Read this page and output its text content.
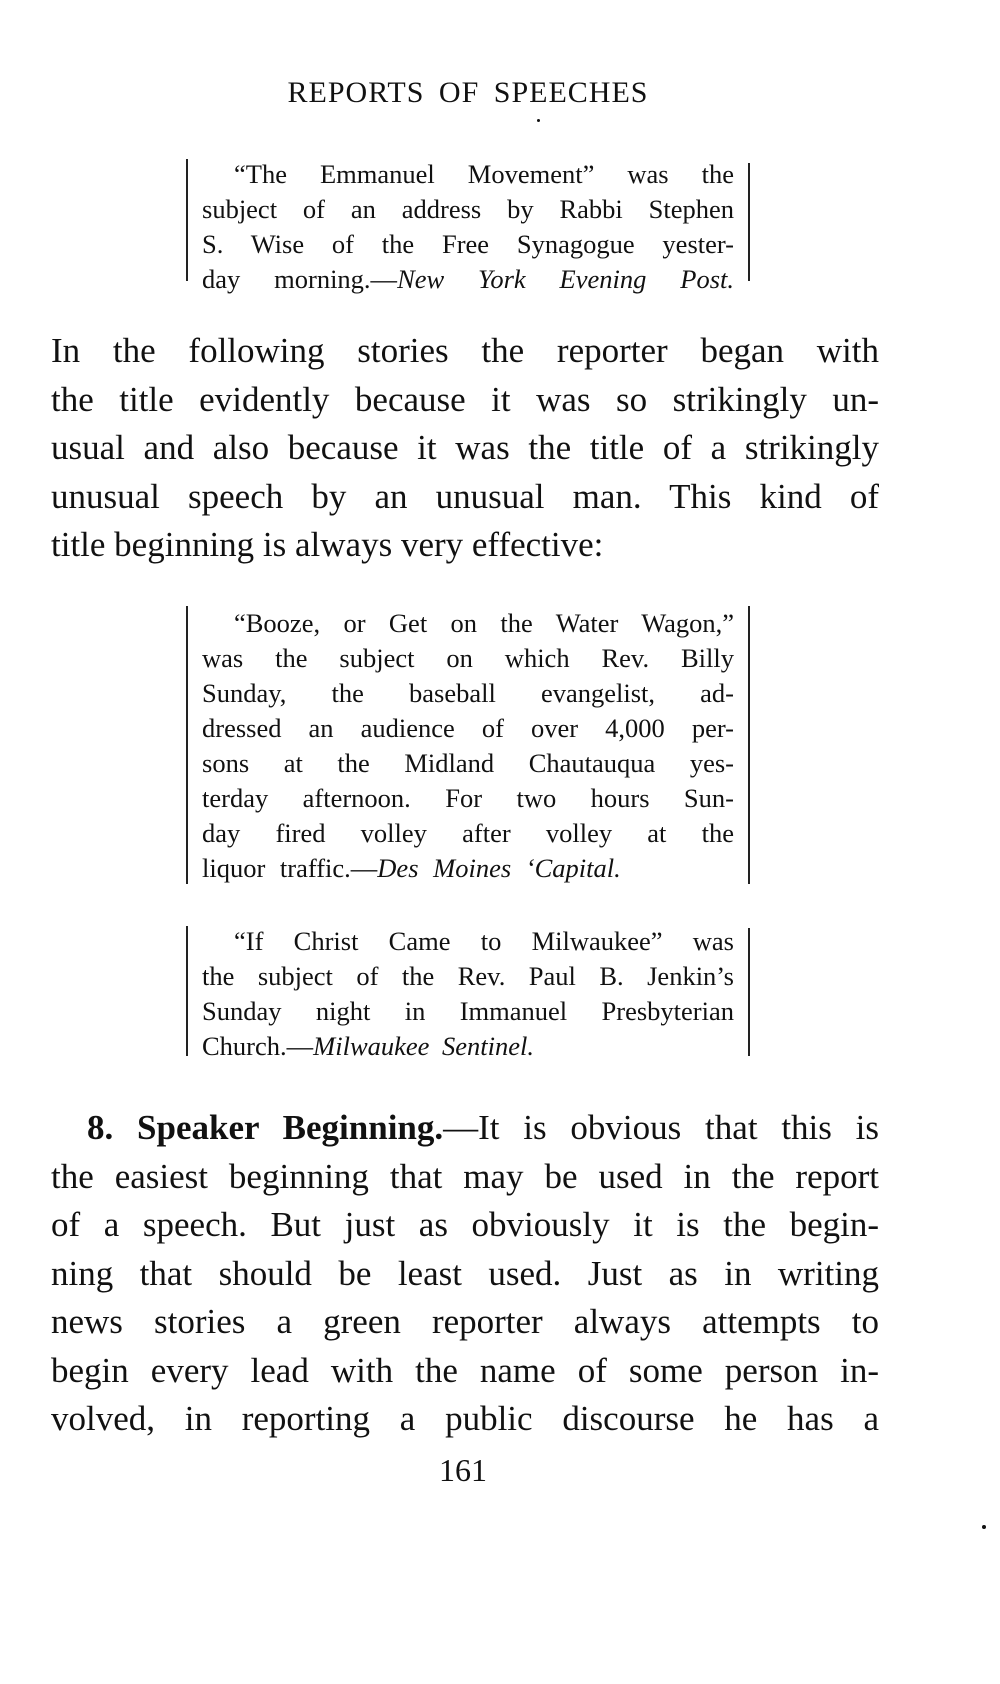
REPORTS OF SPEECHES
“The Emmanuel Movement” was the
subject of an address by Rabbi Stephen
S. Wise of the Free Synagogue yester-
day morning.—New York Evening Post.
In the following stories the reporter began with
the title evidently because it was so strikingly un-
usual and also because it was the title of a strikingly
unusual speech by an unusual man. This kind of
title beginning is always very effective:
“Booze, or Get on the Water Wagon,”
was the subject on which Rev. Billy
Sunday, the baseball evangelist, ad-
dressed an audience of over 4,000 per-
sons at the Midland Chautauqua yes-
terday afternoon. For two hours Sun-
day fired volley after volley at the
liquor traffic.—Des Moines ‘Capital.
“If Christ Came to Milwaukee” was
the subject of the Rev. Paul B. Jenkin’s
Sunday night in Immanuel Presbyterian
Church.—Milwaukee Sentinel.
8. Speaker Beginning.—It is obvious that this is
the easiest beginning that may be used in the report
of a speech. But just as obviously it is the begin-
ning that should be least used. Just as in writing
news stories a green reporter always attempts to
begin every lead with the name of some person in-
volved, in reporting a public discourse he has a
161
